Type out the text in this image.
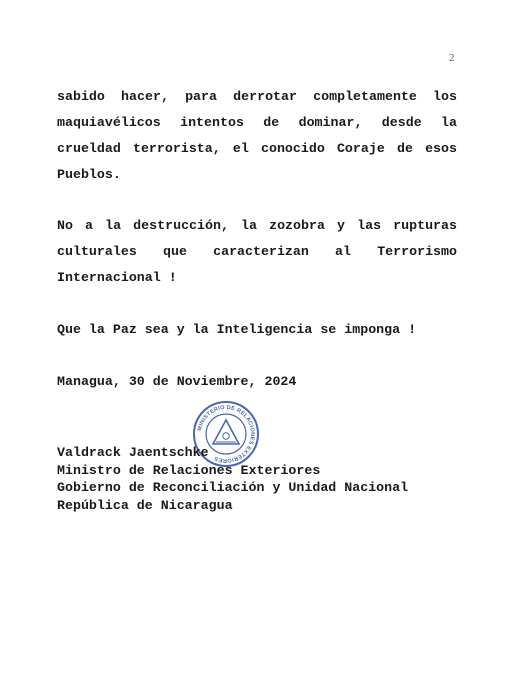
2

sabido hacer, para derrotar completamente los
maquiavélicos intentos de dominar, desde la
crueldad terrorista, el conocido Coraje de esos
Pueblos.

No a la destrucción, la zozobra y las rupturas
culturales que caracterizan al Terrorismo
Internacional !

Que la Paz sea y la Inteligencia se imponga !

Managua, 30 de Noviembre, 2024

MINISTERIO DE RELACIONES EXTERIORES
Valdrack Jaentschke
Ministro de Relaciones Exteriores
Gobierno de Reconciliación y Unidad Nacional
República de Nicaragua
